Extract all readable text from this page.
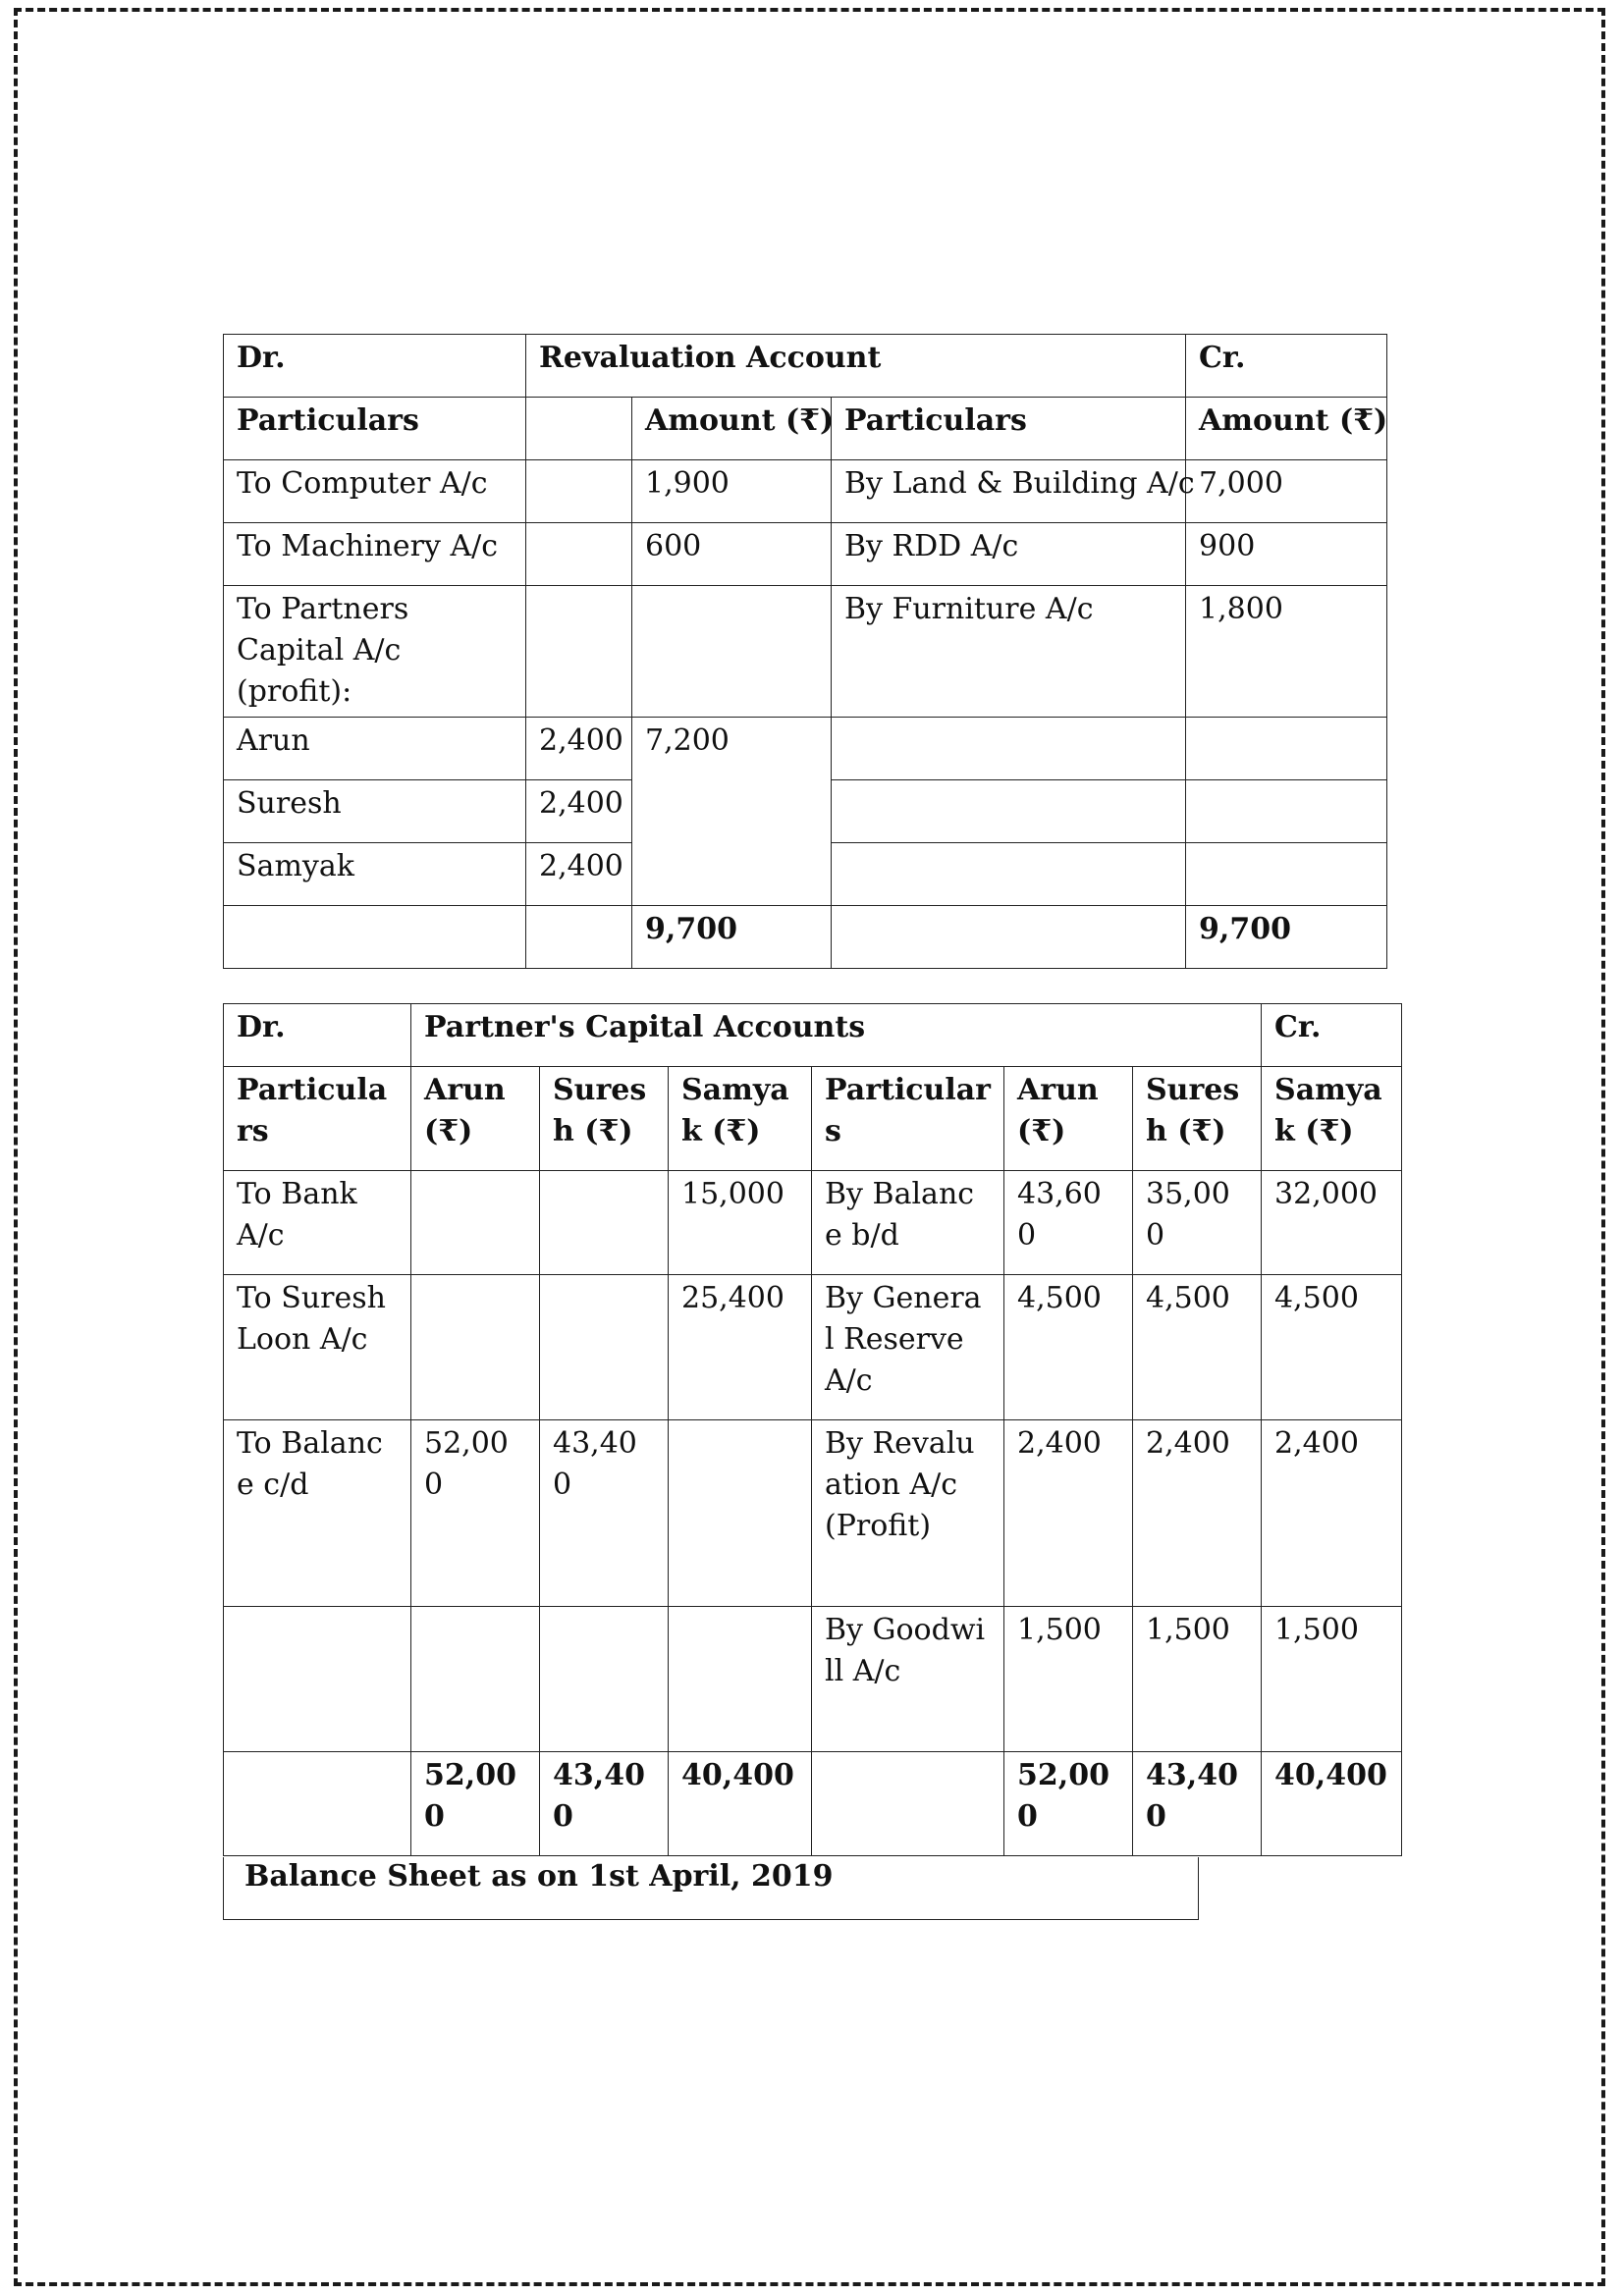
Dr.	Revaluation Account			Cr.
Particulars		Amount (₹)	Particulars	Amount (₹)
To Computer A/c		1,900	By Land & Building A/c	7,000
To Machinery A/c		600	By RDD A/c	900
To Partners Capital A/c (profit):			By Furniture A/c	1,800
Arun	2,400	7,200		
Suresh	2,400			
Samyak	2,400			
		9,700		9,700
Dr.	Partner's Capital Accounts						Cr.
Particulars	Arun (₹)	Suresh (₹)	Samyak (₹)	Particulars	Arun (₹)	Suresh (₹)	Samyak (₹)
To Bank A/c			15,000	By Balance b/d	43,600	35,000	32,000
To Suresh Loon A/c			25,400	By General Reserve A/c	4,500	4,500	4,500
To Balance c/d	52,000	43,400		By Revaluation A/c (Profit)	2,400	2,400	2,400
				By Goodwill A/c	1,500	1,500	1,500
	52,000	43,400	40,400		52,000	43,400	40,400
Balance Sheet as on 1st April, 2019
